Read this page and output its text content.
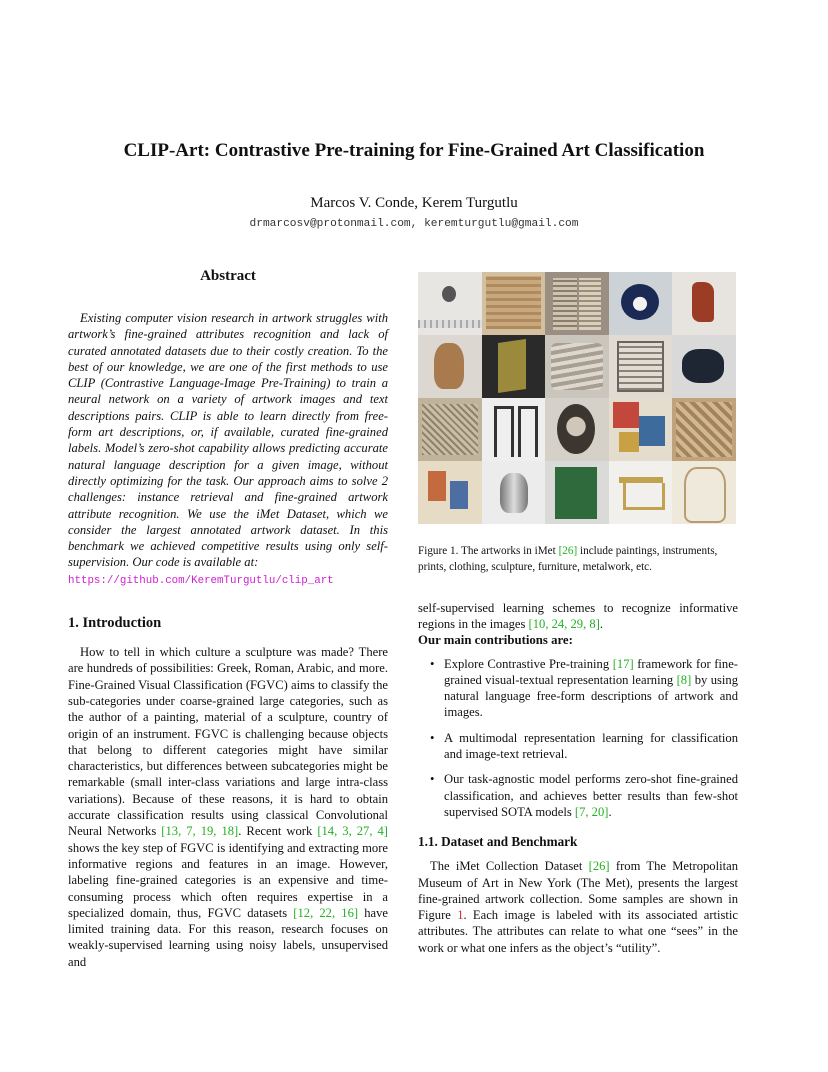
CLIP-Art: Contrastive Pre-training for Fine-Grained Art Classification
Marcos V. Conde, Kerem Turgutlu
drmarcosv@protonmail.com, keremturgutlu@gmail.com
Abstract

Existing computer vision research in artwork struggles with artwork’s fine-grained attributes recognition and lack of curated annotated datasets due to their costly creation. To the best of our knowledge, we are one of the first methods to use CLIP (Contrastive Language-Image Pre-Training) to train a neural network on a variety of artwork images and text descriptions pairs. CLIP is able to learn directly from free-form art descriptions, or, if available, curated fine-grained labels. Model’s zero-shot capability allows predicting accurate natural language description for a given image, without directly optimizing for the task. Our approach aims to solve 2 challenges: instance retrieval and fine-grained artwork attribute recognition. We use the iMet Dataset, which we consider the largest annotated artwork dataset. In this benchmark we achieved competitive results using only self-supervision. Our code is available at:
https://github.com/KeremTurgutlu/clip_art

1. Introduction

How to tell in which culture a sculpture was made? There are hundreds of possibilities: Greek, Roman, Arabic, and more. Fine-Grained Visual Classification (FGVC) aims to classify the sub-categories under coarse-grained large categories, such as the author of a painting, material of a sculpture, country of origin of an instrument. FGVC is challenging because objects that belong to different categories might have similar characteristics, but differences between subcategories might be remarkable (small inter-class variations and large intra-class variations). Because of these reasons, it is hard to obtain accurate classification results using classical Convolutional Neural Networks [13, 7, 19, 18]. Recent work [14, 3, 27, 4] shows the key step of FGVC is identifying and extracting more informative regions and features in an image. However, labeling fine-grained categories is an expensive and time-consuming process which often requires expertise in a specialized domain, thus, FGVC datasets [12, 22, 16] have limited training data. For this reason, research focuses on weakly-supervised learning using noisy labels, unsupervised and

Figure 1. The artworks in iMet [26] include paintings, instruments, prints, clothing, sculpture, furniture, metalwork, etc.

self-supervised learning schemes to recognize informative regions in the images [10, 24, 29, 8].

Our main contributions are:

• Explore Contrastive Pre-training [17] framework for fine-grained visual-textual representation learning [8] by using natural language free-form descriptions of artwork and images.
• A multimodal representation learning for classification and image-text retrieval.
• Our task-agnostic model performs zero-shot fine-grained classification, and achieves better results than few-shot supervised SOTA models [7, 20].
1.1. Dataset and Benchmark

The iMet Collection Dataset [26] from The Metropolitan Museum of Art in New York (The Met), presents the largest fine-grained artwork collection. Some samples are shown in Figure 1. Each image is labeled with its associated artistic attributes. The attributes can relate to what one “sees” in the work or what one infers as the object’s “utility”.
